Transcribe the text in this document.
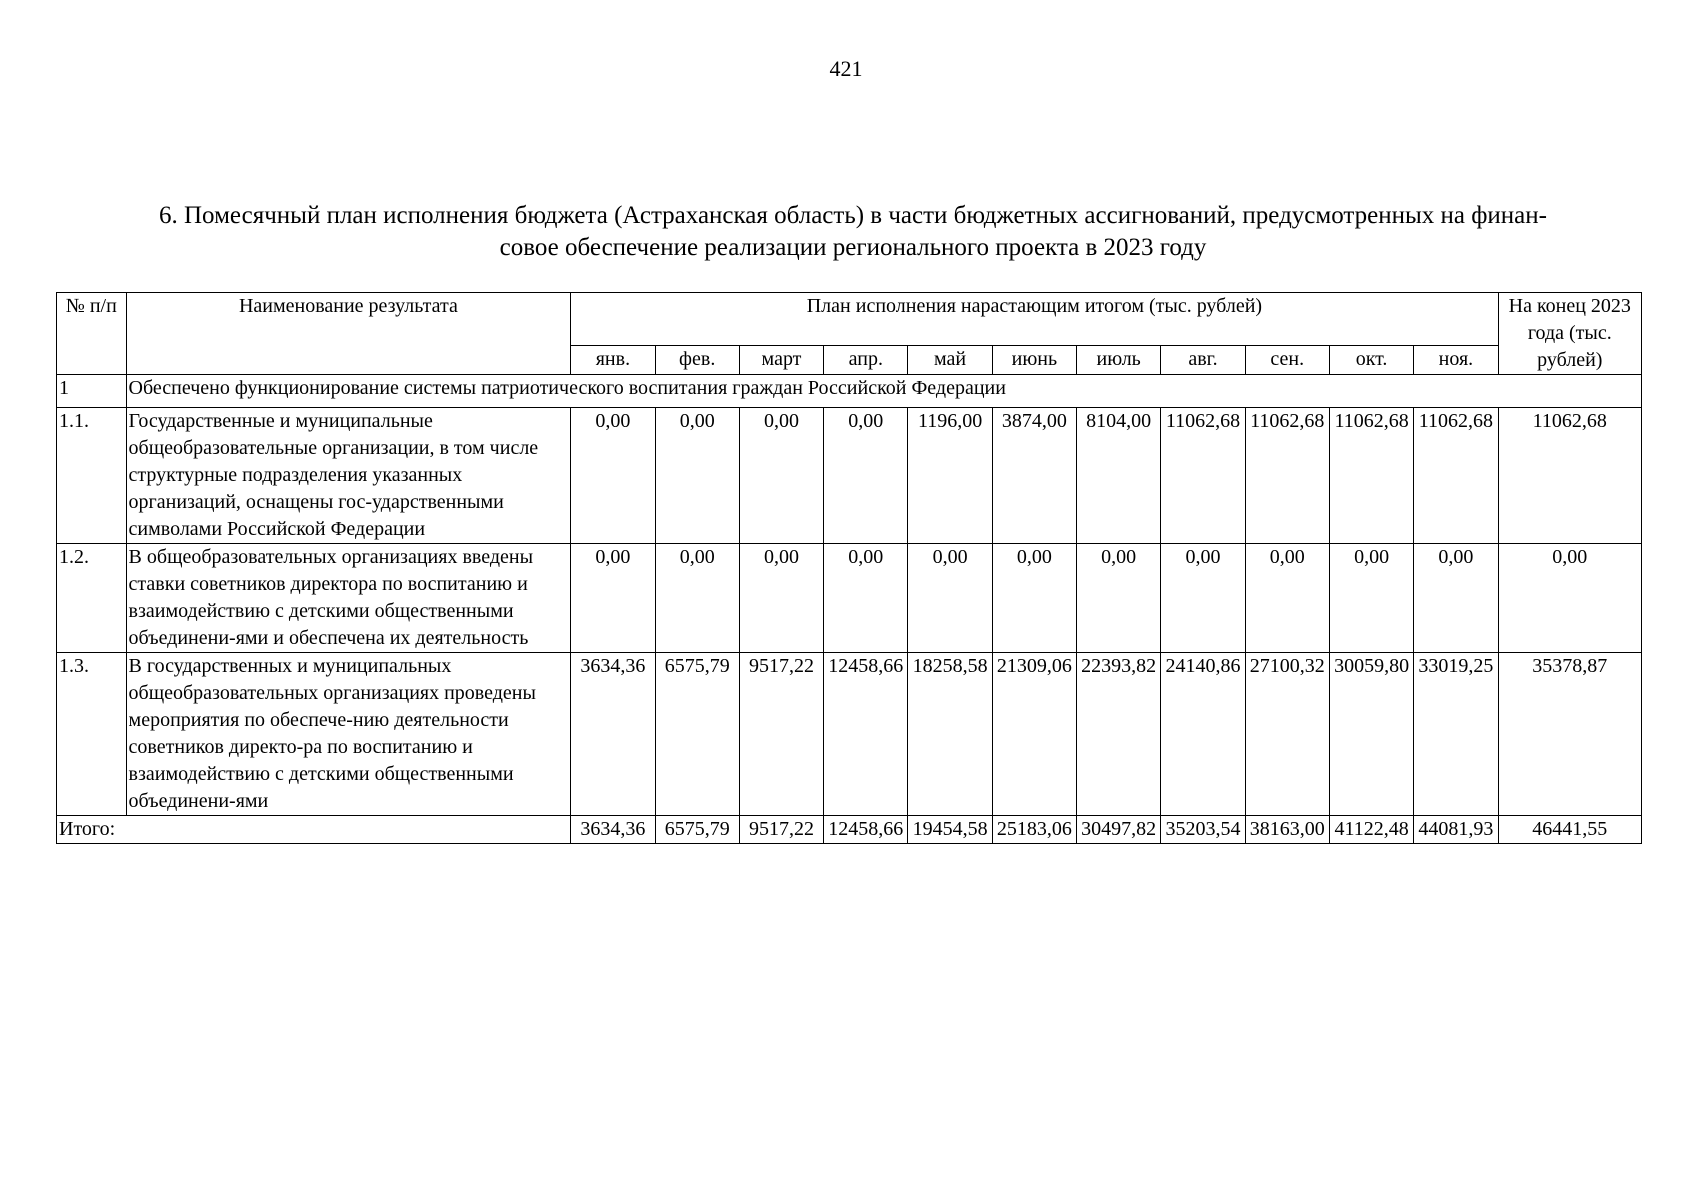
421
6. Помесячный план исполнения бюджета (Астраханская область) в части бюджетных ассигнований, предусмотренных на финан-
совое обеспечение реализации регионального проекта в 2023 году
№ п/п	Наименование результата	План исполнения нарастающим итогом (тыс. рублей)											На конец 2023 года (тыс. рублей)
		янв.	фев.	март	апр.	май	июнь	июль	авг.	сен.	окт.	ноя.	
1	Обеспечено функционирование системы патриотического воспитания граждан Российской Федерации												
1.1.	Государственные и муниципальные общеобразовательные организации, в том числе структурные подразделения указанных организаций, оснащены гос-ударственными символами Российской Федерации	0,00	0,00	0,00	0,00	1196,00	3874,00	8104,00	11062,68	11062,68	11062,68	11062,68	11062,68
1.2.	В общеобразовательных организациях введены ставки советников директора по воспитанию и взаимодействию с детскими общественными объединени-ями и обеспечена их деятельность	0,00	0,00	0,00	0,00	0,00	0,00	0,00	0,00	0,00	0,00	0,00	0,00
1.3.	В государственных и муниципальных общеобразовательных организациях проведены мероприятия по обеспече-нию деятельности советников директо-ра по воспитанию и взаимодействию с детскими общественными объединени-ями	3634,36	6575,79	9517,22	12458,66	18258,58	21309,06	22393,82	24140,86	27100,32	30059,80	33019,25	35378,87
Итого:		3634,36	6575,79	9517,22	12458,66	19454,58	25183,06	30497,82	35203,54	38163,00	41122,48	44081,93	46441,55
